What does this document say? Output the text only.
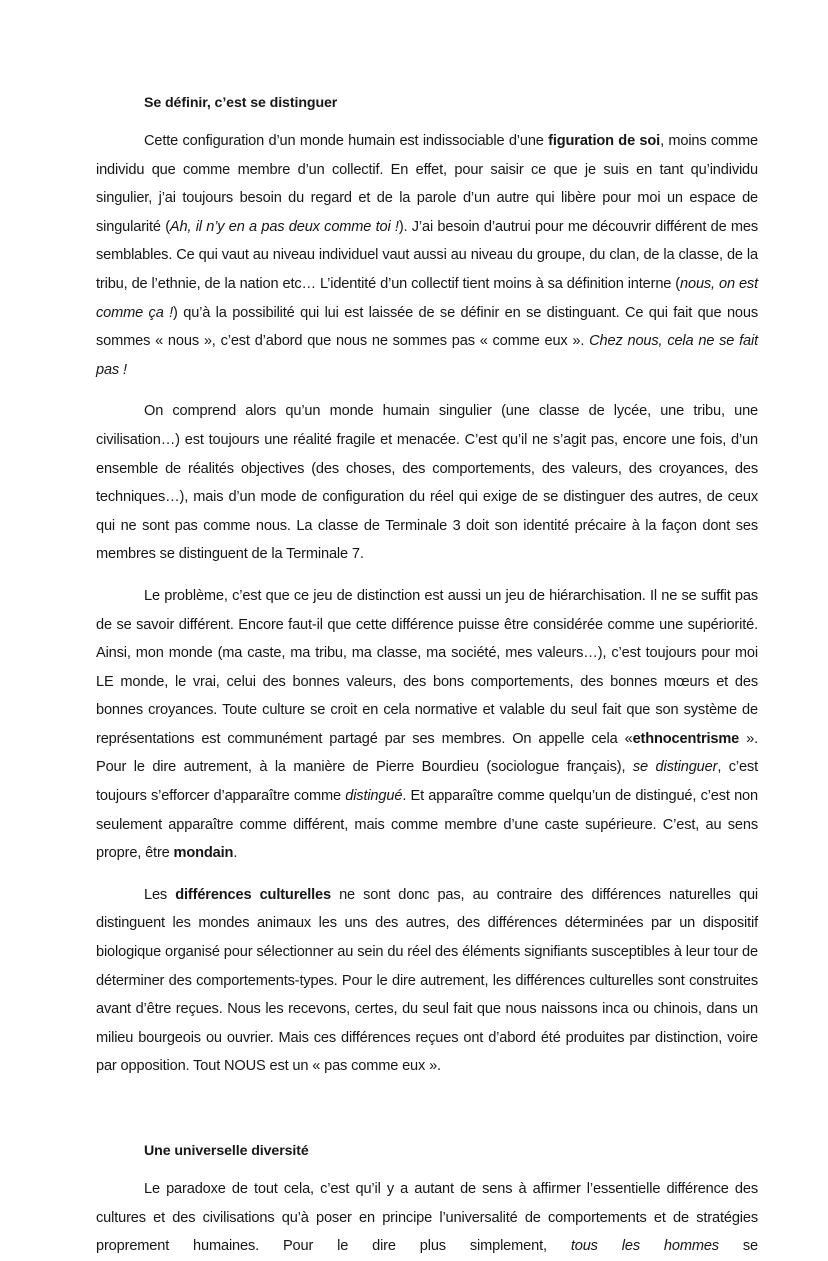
Se définir, c’est se distinguer

Cette configuration d’un monde humain est indissociable d’une figuration de soi, moins comme individu que comme membre d’un collectif. En effet, pour saisir ce que je suis en tant qu’individu singulier, j’ai toujours besoin du regard et de la parole d’un autre qui libère pour moi un espace de singularité (Ah, il n’y en a pas deux comme toi !). J’ai besoin d’autrui pour me découvrir différent de mes semblables. Ce qui vaut au niveau individuel vaut aussi au niveau du groupe, du clan, de la classe, de la tribu, de l’ethnie, de la nation etc… L’identité d’un collectif tient moins à sa définition interne (nous, on est comme ça !) qu’à la possibilité qui lui est laissée de se définir en se distinguant. Ce qui fait que nous sommes « nous », c’est d’abord que nous ne sommes pas « comme eux ». Chez nous, cela ne se fait pas !

On comprend alors qu’un monde humain singulier (une classe de lycée, une tribu, une civilisation…) est toujours une réalité fragile et menacée. C’est qu’il ne s’agit pas, encore une fois, d’un ensemble de réalités objectives (des choses, des comportements, des valeurs, des croyances, des techniques…), mais d’un mode de configuration du réel qui exige de se distinguer des autres, de ceux qui ne sont pas comme nous. La classe de Terminale 3 doit son identité précaire à la façon dont ses membres se distinguent de la Terminale 7.

Le problème, c’est que ce jeu de distinction est aussi un jeu de hiérarchisation. Il ne se suffit pas de se savoir différent. Encore faut-il que cette différence puisse être considérée comme une supériorité. Ainsi, mon monde (ma caste, ma tribu, ma classe, ma société, mes valeurs…), c’est toujours pour moi LE monde, le vrai, celui des bonnes valeurs, des bons comportements, des bonnes mœurs et des bonnes croyances. Toute culture se croit en cela normative et valable du seul fait que son système de représentations est communément partagé par ses membres. On appelle cela «ethnocentrisme ». Pour le dire autrement, à la manière de Pierre Bourdieu (sociologue français), se distinguer, c’est toujours s’efforcer d’apparaître comme distingué. Et apparaître comme quelqu’un de distingué, c’est non seulement apparaître comme différent, mais comme membre d’une caste supérieure. C’est, au sens propre, être mondain.

Les différences culturelles ne sont donc pas, au contraire des différences naturelles qui distinguent les mondes animaux les uns des autres, des différences déterminées par un dispositif biologique organisé pour sélectionner au sein du réel des éléments signifiants susceptibles à leur tour de déterminer des comportements-types. Pour le dire autrement, les différences culturelles sont construites avant d’être reçues. Nous les recevons, certes, du seul fait que nous naissons inca ou chinois, dans un milieu bourgeois ou ouvrier. Mais ces différences reçues ont d’abord été produites par distinction, voire par opposition. Tout NOUS est un « pas comme eux ».

Une universelle diversité

Le paradoxe de tout cela, c’est qu’il y a autant de sens à affirmer l’essentielle différence des cultures et des civilisations qu’à poser en principe l’universalité de comportements et de stratégies proprement humaines. Pour le dire plus simplement, tous les hommes se
